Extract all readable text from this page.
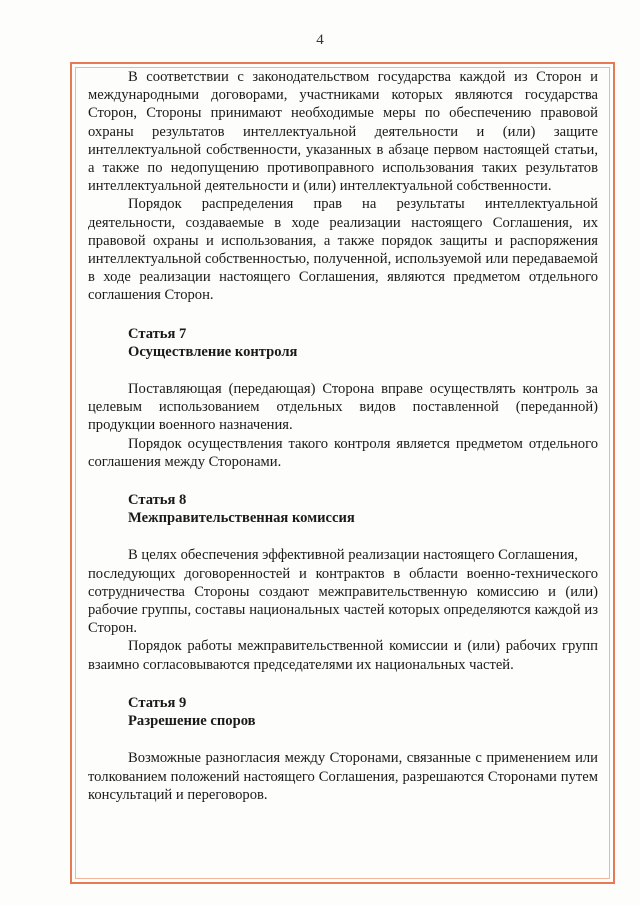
4

В соответствии с законодательством государства каждой из Сторон и международными договорами, участниками которых являются государства Сторон, Стороны принимают необходимые меры по обеспечению правовой охраны результатов интеллектуальной деятельности и (или) защите интеллектуальной собственности, указанных в абзаце первом настоящей статьи, а также по недопущению противоправного использования таких результатов интеллектуальной деятельности и (или) интеллектуальной собственности.

Порядок распределения прав на результаты интеллектуальной деятельности, создаваемые в ходе реализации настоящего Соглашения, их правовой охраны и использования, а также порядок защиты и распоряжения интеллектуальной собственностью, полученной, используемой или передаваемой в ходе реализации настоящего Соглашения, являются предметом отдельного соглашения Сторон.

Статья 7

Осуществление контроля

Поставляющая (передающая) Сторона вправе осуществлять контроль за целевым использованием отдельных видов поставленной (переданной) продукции военного назначения.

Порядок осуществления такого контроля является предметом отдельного соглашения между Сторонами.

Статья 8

Межправительственная комиссия

В целях обеспечения эффективной реализации настоящего Соглашения,

последующих договоренностей и контрактов в области военно-технического сотрудничества Стороны создают межправительственную комиссию и (или) рабочие группы, составы национальных частей которых определяются каждой из Сторон.

Порядок работы межправительственной комиссии и (или) рабочих групп взаимно согласовываются председателями их национальных частей.

Статья 9

Разрешение споров

Возможные разногласия между Сторонами, связанные с применением или толкованием положений настоящего Соглашения, разрешаются Сторонами путем консультаций и переговоров.
